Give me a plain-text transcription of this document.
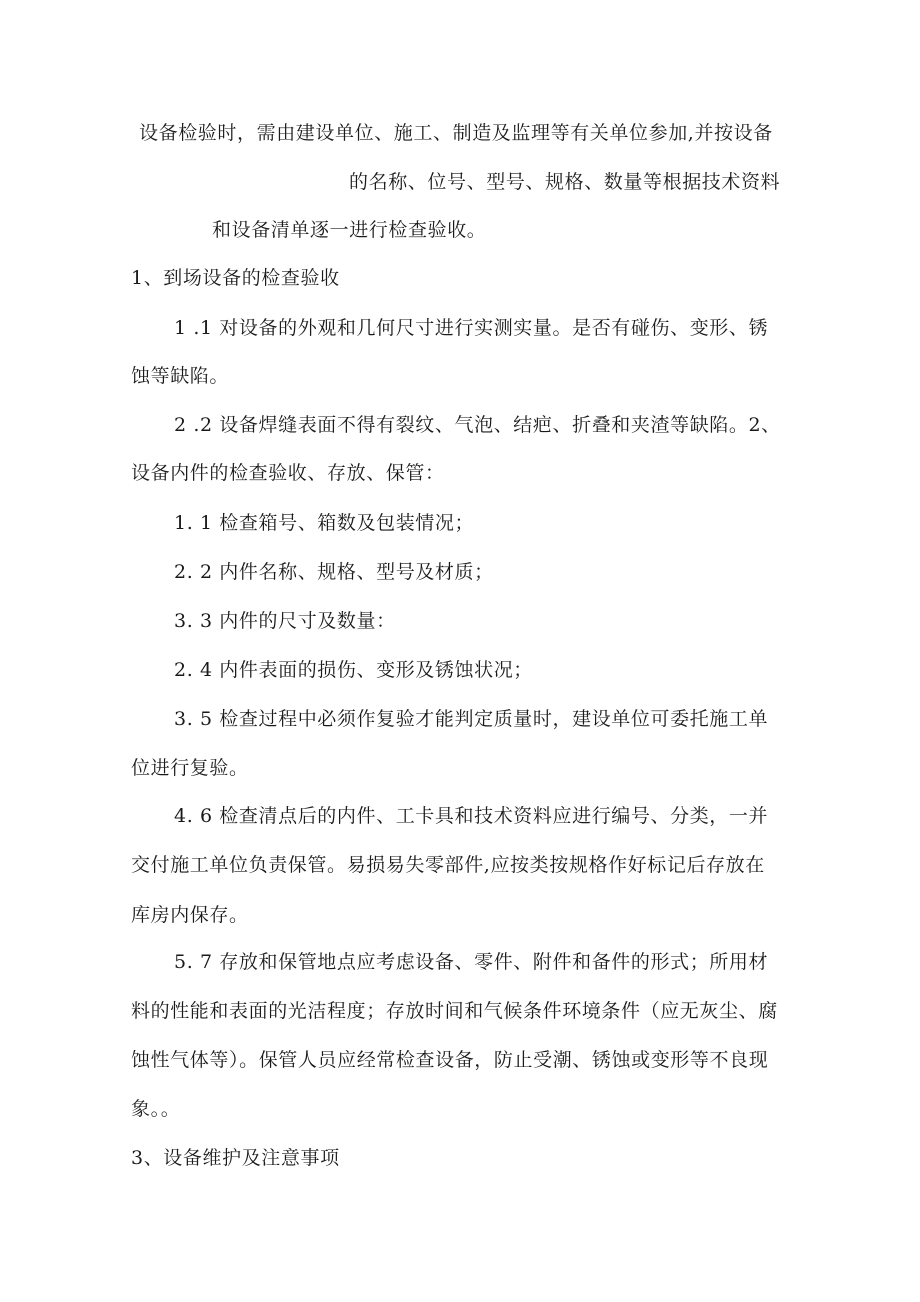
设备检验时，需由建设单位、施工、制造及监理等有关单位参加,并按设备
的名称、位号、型号、规格、数量等根据技术资料
和设备清单逐一进行检查验收。
1、到场设备的检查验收
1 .1 对设备的外观和几何尺寸进行实测实量。是否有碰伤、变形、锈
蚀等缺陷。
2 .2 设备焊缝表面不得有裂纹、气泡、结疤、折叠和夹渣等缺陷。2、
设备内件的检查验收、存放、保管：
1. 1 检查箱号、箱数及包装情况；
2. 2 内件名称、规格、型号及材质；
3. 3 内件的尺寸及数量：
2. 4 内件表面的损伤、变形及锈蚀状况；
3. 5 检查过程中必须作复验才能判定质量时，建设单位可委托施工单
位进行复验。
4. 6 检查清点后的内件、工卡具和技术资料应进行编号、分类，一并
交付施工单位负责保管。易损易失零部件,应按类按规格作好标记后存放在
库房内保存。
5. 7 存放和保管地点应考虑设备、零件、附件和备件的形式；所用材
料的性能和表面的光洁程度；存放时间和气候条件环境条件（应无灰尘、腐
蚀性气体等）。保管人员应经常检查设备，防止受潮、锈蚀或变形等不良现
象。。
3、设备维护及注意事项
